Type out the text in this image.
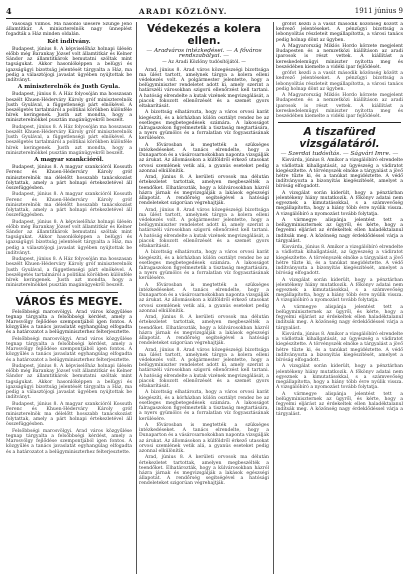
4	ARADI KÖZLÖNY.	1911 június 9

Vásosagi Vilmos. Ma hasonló ülésére Szüngé Jenő államtitkár. A miniszterelnök nagy ünneplést fogadták a Ház minden oldalán.

Két indítvány.

Budapest, június 8. A képviselőház holnapi ülésén előbb még Barankay József volt államtitkár és Kelner Sándor az államtitkárok bemutatni szóltak mint tagságukat. Akkor hasonlóképpen a belügyi és igazságügyi bizottság jelentését tárgyalta a Ház, ma pedig a választójogi javaslat ügyében nyújtottak be indítványt.

A miniszterelnök és Justh Gyula.

Budapest, június 8. A Ház folyosóján ma hosszasan beszélt Khuen-Héderváry Károly gróf miniszterelnök Justh Gyulával, a függetlenségi párt elnökével. A beszélgetés tartalmáról a politikai körökben különféle hírek keringenek. Justh azt mondta, hogy a miniszterelnökkel pusztán magánügyekről beszélt.

Budapest, június 8. A Ház folyosóján ma hosszasan beszélt Khuen-Héderváry Károly gróf miniszterelnök Justh Gyulával, a függetlenségi párt elnökével. A beszélgetés tartalmáról a politikai körökben különféle hírek keringenek. Justh azt mondta, hogy a miniszterelnökkel pusztán magánügyekről beszélt.

A magyar szankcióról.

Budapest, június 8. A magyar szankcióról Kossuth Ferenc és Khuen-Héderváry Károly gróf miniszterelnök ma délelőtt hosszabb tanácskozást folytattak, amely a párt holnapi értekezletével áll összefüggésben.

Budapest, június 8. A magyar szankcióról Kossuth Ferenc és Khuen-Héderváry Károly gróf miniszterelnök ma délelőtt hosszabb tanácskozást folytattak, amely a párt holnapi értekezletével áll összefüggésben.

Budapest, június 8. A képviselőház holnapi ülésén előbb még Barankay József volt államtitkár és Kelner Sándor az államtitkárok bemutatni szóltak mint tagságukat. Akkor hasonlóképpen a belügyi és igazságügyi bizottság jelentését tárgyalta a Ház, ma pedig a választójogi javaslat ügyében nyújtottak be indítványt.

Budapest, június 8. A Ház folyosóján ma hosszasan beszélt Khuen-Héderváry Károly gróf miniszterelnök Justh Gyulával, a függetlenségi párt elnökével. A beszélgetés tartalmáról a politikai körökben különféle hírek keringenek. Justh azt mondta, hogy a miniszterelnökkel pusztán magánügyekről beszélt.

VÁROS ÉS MEGYE.

Felsőbbségi marosvölgyi. Arad város közgyűlése tegnap tárgyalta a felsőbbségi kérdést, amely a Marosvölgy fejlődése szempontjából igen fontos. A közgyűlés a tanács javaslatát egyhangúlag elfogadta és a határozatot a belügyminiszterhez felterjesztette.

Felsőbbségi marosvölgyi. Arad város közgyűlése tegnap tárgyalta a felsőbbségi kérdést, amely a Marosvölgy fejlődése szempontjából igen fontos. A közgyűlés a tanács javaslatát egyhangúlag elfogadta és a határozatot a belügyminiszterhez felterjesztette.

Budapest, június 8. A képviselőház holnapi ülésén előbb még Barankay József volt államtitkár és Kelner Sándor az államtitkárok bemutatni szóltak mint tagságukat. Akkor hasonlóképpen a belügyi és igazságügyi bizottság jelentését tárgyalta a Ház, ma pedig a választójogi javaslat ügyében nyújtottak be indítványt.

Budapest, június 8. A magyar szankcióról Kossuth Ferenc és Khuen-Héderváry Károly gróf miniszterelnök ma délelőtt hosszabb tanácskozást folytattak, amely a párt holnapi értekezletével áll összefüggésben.

Felsőbbségi marosvölgyi. Arad város közgyűlése tegnap tárgyalta a felsőbbségi kérdést, amely a Marosvölgy fejlődése szempontjából igen fontos. A közgyűlés a tanács javaslatát egyhangúlag elfogadta és a határozatot a belügyminiszterhez felterjesztette.

Védekezés a kolera ellen.
— Aradváros intézkedései. — A főváros rendszabályai. —
— Az Aradi Közlöny tudósítójától. —

Arad, június 8. Arad város közegészségi bizottsága ma ülést tartott, amelynek tárgya a kolera elleni védekezés volt. A polgármester jelentette, hogy a belügyminiszter rendeletet adott ki, amely szerint a határszéli városokban szigorú ellenőrzést kell tartani. A hatóság elrendelte a kutak vizének megvizsgálását, a piacok fokozott ellenőrzését és a szemét gyors eltakarítását.

A bizottság elhatározta, hogy a város orvosi karát kiegészíti, és a kórházban külön osztályt rendez be az esetleges megbetegedések számára. A lakosságot falragaszokon figyelmeztetik a tisztaság megtartására, a nyers gyümölcs és a forralatlan víz fogyasztásának kerülésére.

A fővárosban is megtették a szükséges intézkedéseket. A tanács elrendelte, hogy a Dunaparton és a vásárcsarnokokban naponta vizsgálják az árukat. Az állomásokon a külföldről érkező utasokat orvosi szemlének vetik alá, a gyanús eseteket pedig azonnal elkülönítik.

Arad, június 8. A kerületi orvosok ma délután értekezletet tartottak, amelyen megbeszélték a teendőket. Elhatározták, hogy a külvárosokban házról házra járnak és megvizsgálják a lakások egészségi állapotát. A rendőrség segítségével a hatósági rendeleteket szigorúan végrehajtják.

Arad, június 8. Arad város közegészségi bizottsága ma ülést tartott, amelynek tárgya a kolera elleni védekezés volt. A polgármester jelentette, hogy a belügyminiszter rendeletet adott ki, amely szerint a határszéli városokban szigorú ellenőrzést kell tartani. A hatóság elrendelte a kutak vizének megvizsgálását, a piacok fokozott ellenőrzését és a szemét gyors eltakarítását.

A bizottság elhatározta, hogy a város orvosi karát kiegészíti, és a kórházban külön osztályt rendez be az esetleges megbetegedések számára. A lakosságot falragaszokon figyelmeztetik a tisztaság megtartására, a nyers gyümölcs és a forralatlan víz fogyasztásának kerülésére.

A fővárosban is megtették a szükséges intézkedéseket. A tanács elrendelte, hogy a Dunaparton és a vásárcsarnokokban naponta vizsgálják az árukat. Az állomásokon a külföldről érkező utasokat orvosi szemlének vetik alá, a gyanús eseteket pedig azonnal elkülönítik.

Arad, június 8. A kerületi orvosok ma délután értekezletet tartottak, amelyen megbeszélték a teendőket. Elhatározták, hogy a külvárosokban házról házra járnak és megvizsgálják a lakások egészségi állapotát. A rendőrség segítségével a hatósági rendeleteket szigorúan végrehajtják.

Arad, június 8. Arad város közegészségi bizottsága ma ülést tartott, amelynek tárgya a kolera elleni védekezés volt. A polgármester jelentette, hogy a belügyminiszter rendeletet adott ki, amely szerint a határszéli városokban szigorú ellenőrzést kell tartani. A hatóság elrendelte a kutak vizének megvizsgálását, a piacok fokozott ellenőrzését és a szemét gyors eltakarítását.

A bizottság elhatározta, hogy a város orvosi karát kiegészíti, és a kórházban külön osztályt rendez be az esetleges megbetegedések számára. A lakosságot falragaszokon figyelmeztetik a tisztaság megtartására, a nyers gyümölcs és a forralatlan víz fogyasztásának kerülésére.

A fővárosban is megtették a szükséges intézkedéseket. A tanács elrendelte, hogy a Dunaparton és a vásárcsarnokokban naponta vizsgálják az árukat. Az állomásokon a külföldről érkező utasokat orvosi szemlének vetik alá, a gyanús eseteket pedig azonnal elkülönítik.

Arad, június 8. A kerületi orvosok ma délután értekezletet tartottak, amelyen megbeszélték a teendőket. Elhatározták, hogy a külvárosokban házról házra járnak és megvizsgálják a lakások egészségi állapotát. A rendőrség segítségével a hatósági rendeleteket szigorúan végrehajtják.

grófot kezdi a a vasút második közönség között a kedvező jelentéseket. A pénzügyi bizottság a lebonyolítás részleteit megállapította, a városi tanács pedig holnap dönt az ügyben.

A Magyarország Miklós Hordo körzete megjelent Budapesten és a nemzetközi kiállításon az aradi iparosok is részt vettek. A kiállítást a kereskedelemügyi miniszter nyitotta meg és beszédében kiemelte a vidéki ipar fejlődését.

grófot kezdi a a vasút második közönség között a kedvező jelentéseket. A pénzügyi bizottság a lebonyolítás részleteit megállapította, a városi tanács pedig holnap dönt az ügyben.

A Magyarország Miklós Hordo körzete megjelent Budapesten és a nemzetközi kiállításon az aradi iparosok is részt vettek. A kiállítást a kereskedelemügyi miniszter nyitotta meg és beszédében kiemelte a vidéki ipar fejlődését.

A tiszafüred vizsgálatáról.
— Szerdai tudósítás. — Ságvári Imre. —

Kisvárda, június 8. Amikor a vizsgálóbíró elrendelte a vádlottak kihallgatását, az ügyészség a vádiratot kiegészítette. A törvényszék elnöke a tárgyalást a jövő hétre tűzte ki, és a tanúkat megidéztette. A védő indítványozta a bizonyítás kiegészítését, amelyet a bíróság elfogadott.

A vizsgálat során kiderült, hogy a pénztárban jelentékeny hiány mutatkozik. A főkönyv adatai nem egyeznek a kimutatásokkal, s a számvevőség megállapította, hogy a hiány több évre nyúlik vissza. A vizsgálóbíró a nyomozást tovább folytatja.

A vármegye alispánja jelentést tett a belügyminiszternek az ügyről, és kérte, hogy a fegyelmi eljárást az érdekeltek ellen haladéktalanul indítsák meg. A közönség nagy érdeklődéssel várja a tárgyalást.

Kisvárda, június 8. Amikor a vizsgálóbíró elrendelte a vádlottak kihallgatását, az ügyészség a vádiratot kiegészítette. A törvényszék elnöke a tárgyalást a jövő hétre tűzte ki, és a tanúkat megidéztette. A védő indítványozta a bizonyítás kiegészítését, amelyet a bíróság elfogadott.

A vizsgálat során kiderült, hogy a pénztárban jelentékeny hiány mutatkozik. A főkönyv adatai nem egyeznek a kimutatásokkal, s a számvevőség megállapította, hogy a hiány több évre nyúlik vissza. A vizsgálóbíró a nyomozást tovább folytatja.

A vármegye alispánja jelentést tett a belügyminiszternek az ügyről, és kérte, hogy a fegyelmi eljárást az érdekeltek ellen haladéktalanul indítsák meg. A közönség nagy érdeklődéssel várja a tárgyalást.

Kisvárda, június 8. Amikor a vizsgálóbíró elrendelte a vádlottak kihallgatását, az ügyészség a vádiratot kiegészítette. A törvényszék elnöke a tárgyalást a jövő hétre tűzte ki, és a tanúkat megidéztette. A védő indítványozta a bizonyítás kiegészítését, amelyet a bíróság elfogadott.

A vizsgálat során kiderült, hogy a pénztárban jelentékeny hiány mutatkozik. A főkönyv adatai nem egyeznek a kimutatásokkal, s a számvevőség megállapította, hogy a hiány több évre nyúlik vissza. A vizsgálóbíró a nyomozást tovább folytatja.

A vármegye alispánja jelentést tett a belügyminiszternek az ügyről, és kérte, hogy a fegyelmi eljárást az érdekeltek ellen haladéktalanul indítsák meg. A közönség nagy érdeklődéssel várja a tárgyalást.
